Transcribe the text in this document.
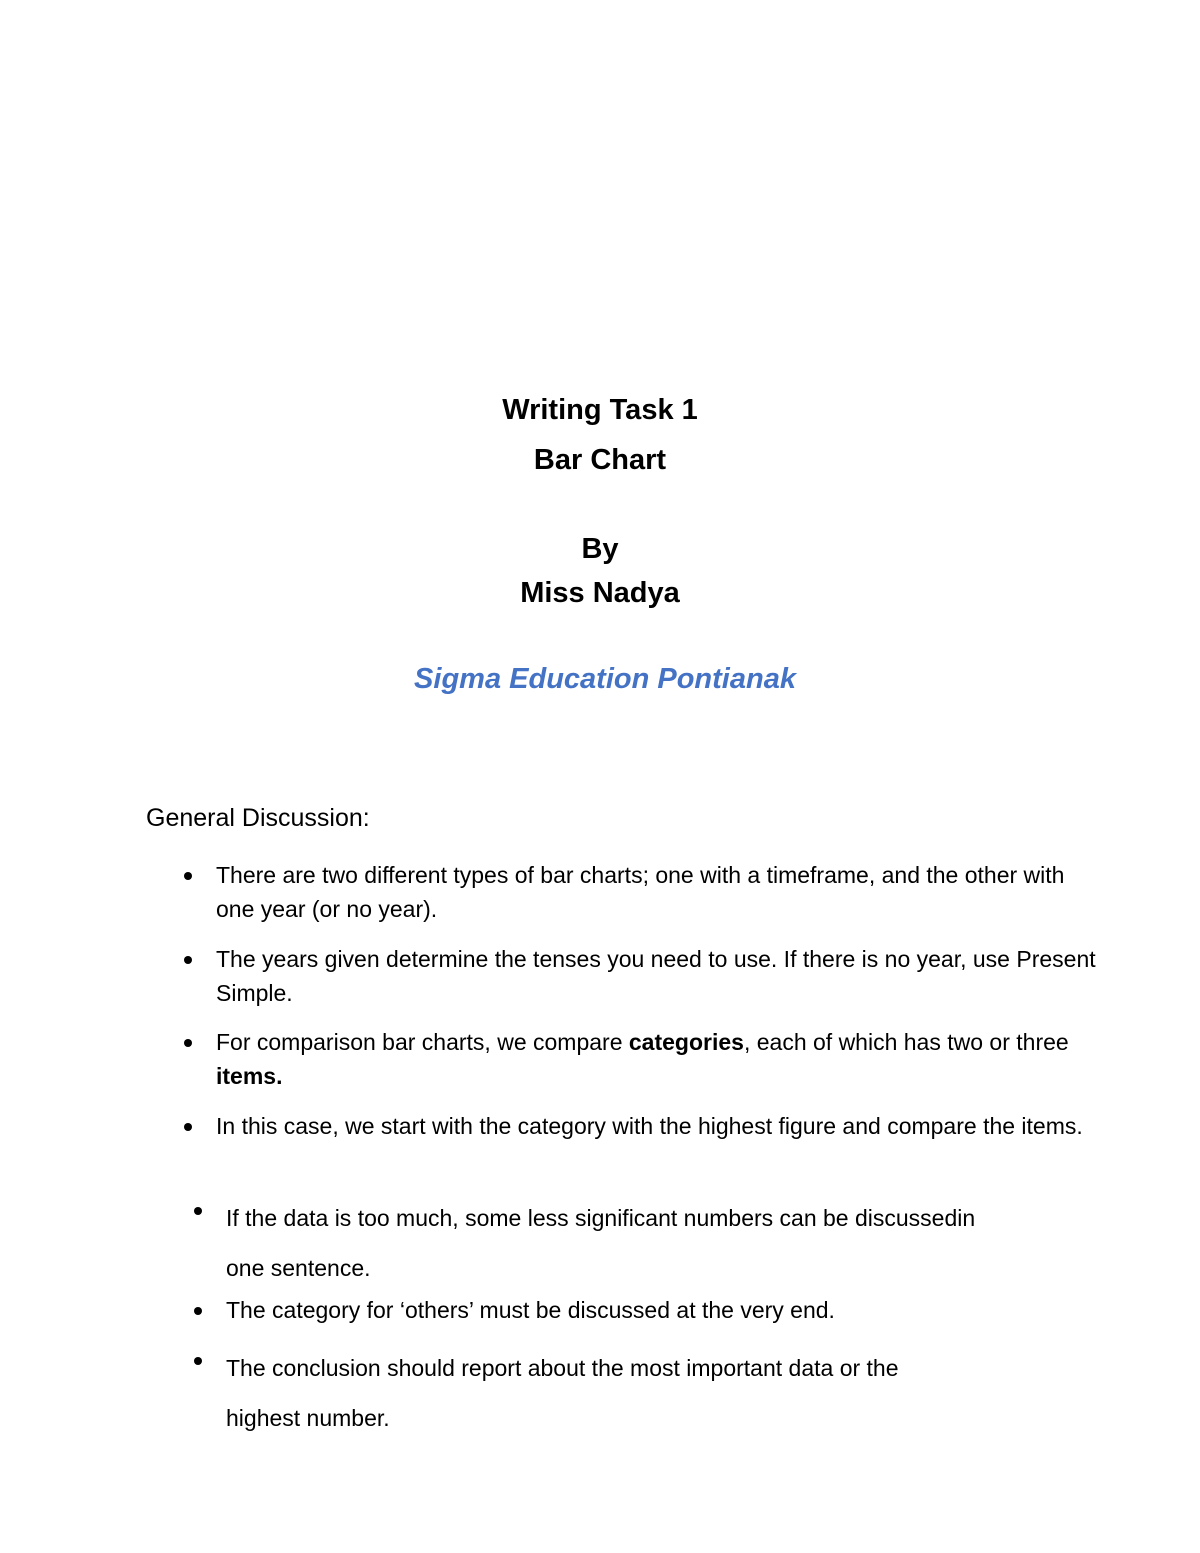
Writing Task 1
Bar Chart
By
Miss Nadya
Sigma Education Pontianak
General Discussion:
There are two different types of bar charts; one with a timeframe, and the other with one year (or no year).
The years given determine the tenses you need to use. If there is no year, use Present Simple.
For comparison bar charts, we compare categories, each of which has two or three items.
In this case, we start with the category with the highest figure and compare the items.
If the data is too much, some less significant numbers can be discussedin
one sentence.
The category for ‘others’ must be discussed at the very end.
The conclusion should report about the most important data or the
highest number.
